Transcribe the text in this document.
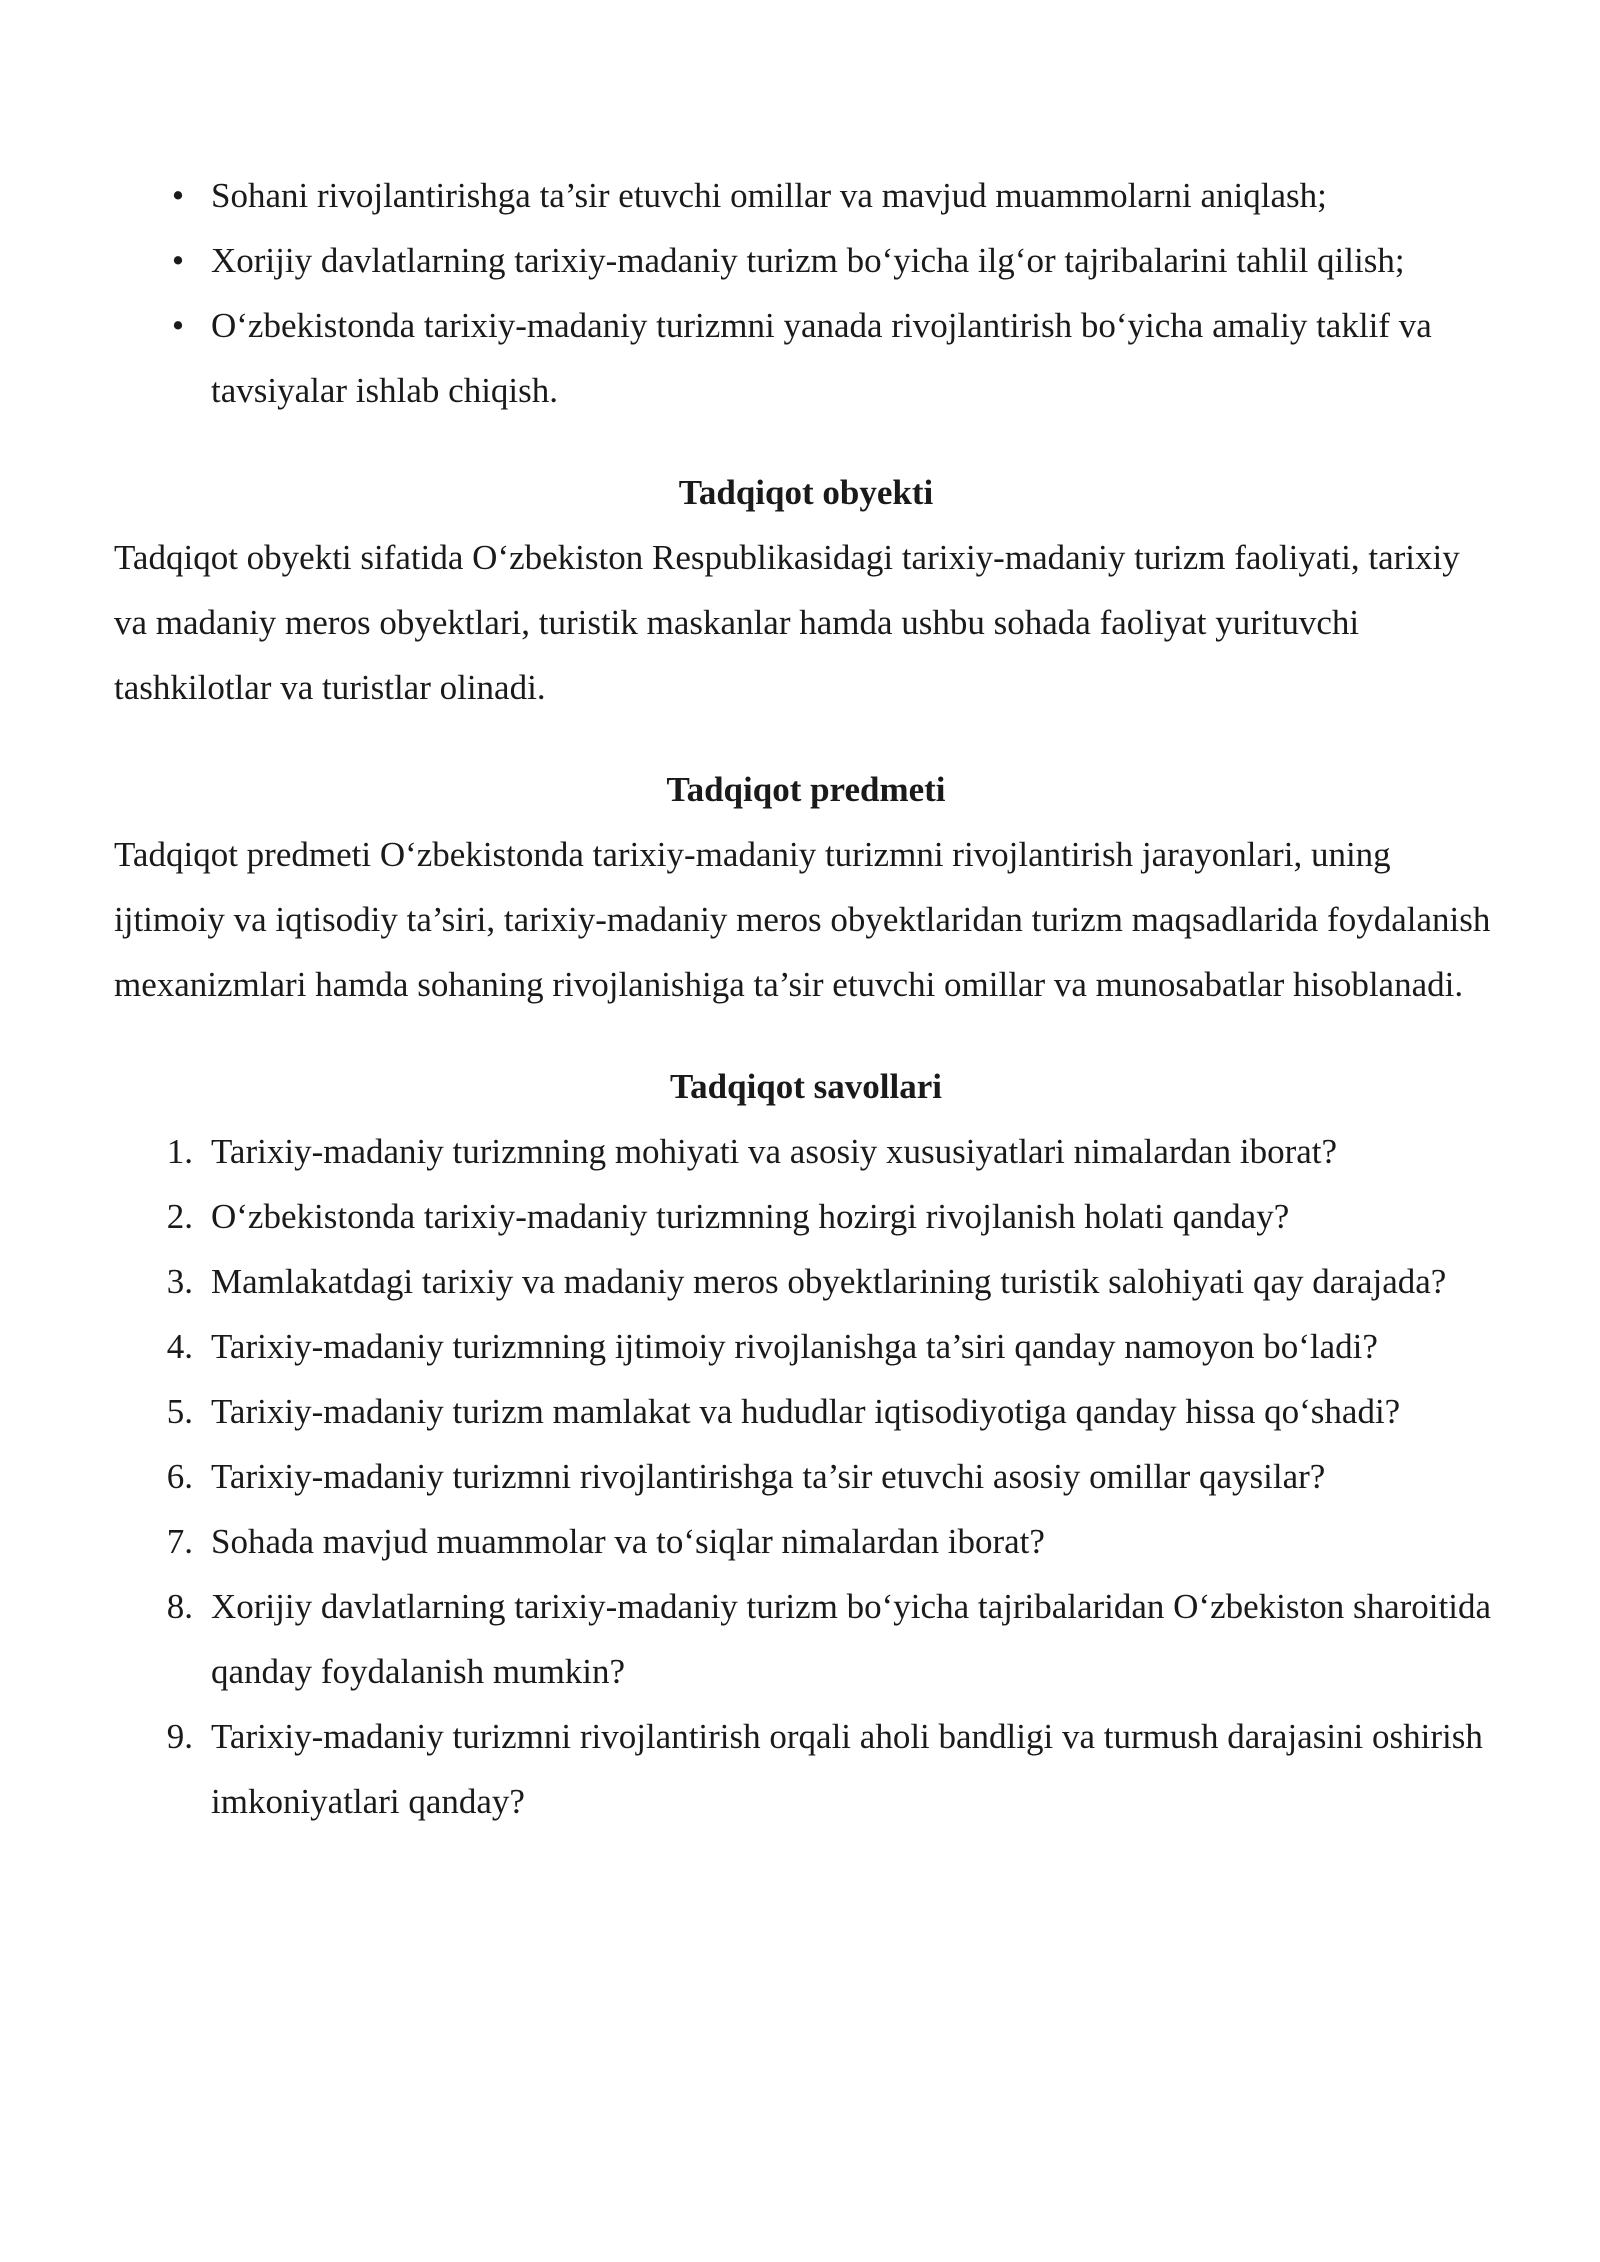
• Sohani rivojlantirishga ta’sir etuvchi omillar va mavjud muammolarni aniqlash;
• Xorijiy davlatlarning tarixiy-madaniy turizm bo‘yicha ilg‘or tajribalarini tahlil qilish;
• O‘zbekistonda tarixiy-madaniy turizmni yanada rivojlantirish bo‘yicha amaliy taklif va tavsiyalar ishlab chiqish.
Tadqiqot obyekti

Tadqiqot obyekti sifatida O‘zbekiston Respublikasidagi tarixiy-madaniy turizm faoliyati, tarixiy va madaniy meros obyektlari, turistik maskanlar hamda ushbu sohada faoliyat yurituvchi tashkilotlar va turistlar olinadi.

Tadqiqot predmeti

Tadqiqot predmeti O‘zbekistonda tarixiy-madaniy turizmni rivojlantirish jarayonlari, uning ijtimoiy va iqtisodiy ta’siri, tarixiy-madaniy meros obyektlaridan turizm maqsadlarida foydalanish mexanizmlari hamda sohaning rivojlanishiga ta’sir etuvchi omillar va munosabatlar hisoblanadi.

Tadqiqot savollari
1. Tarixiy-madaniy turizmning mohiyati va asosiy xususiyatlari nimalardan iborat?
2. O‘zbekistonda tarixiy-madaniy turizmning hozirgi rivojlanish holati qanday?
3. Mamlakatdagi tarixiy va madaniy meros obyektlarining turistik salohiyati qay darajada?
4. Tarixiy-madaniy turizmning ijtimoiy rivojlanishga ta’siri qanday namoyon bo‘ladi?
5. Tarixiy-madaniy turizm mamlakat va hududlar iqtisodiyotiga qanday hissa qo‘shadi?
6. Tarixiy-madaniy turizmni rivojlantirishga ta’sir etuvchi asosiy omillar qaysilar?
7. Sohada mavjud muammolar va to‘siqlar nimalardan iborat?
8. Xorijiy davlatlarning tarixiy-madaniy turizm bo‘yicha tajribalaridan O‘zbekiston sharoitida qanday foydalanish mumkin?
9. Tarixiy-madaniy turizmni rivojlantirish orqali aholi bandligi va turmush darajasini oshirish imkoniyatlari qanday?
